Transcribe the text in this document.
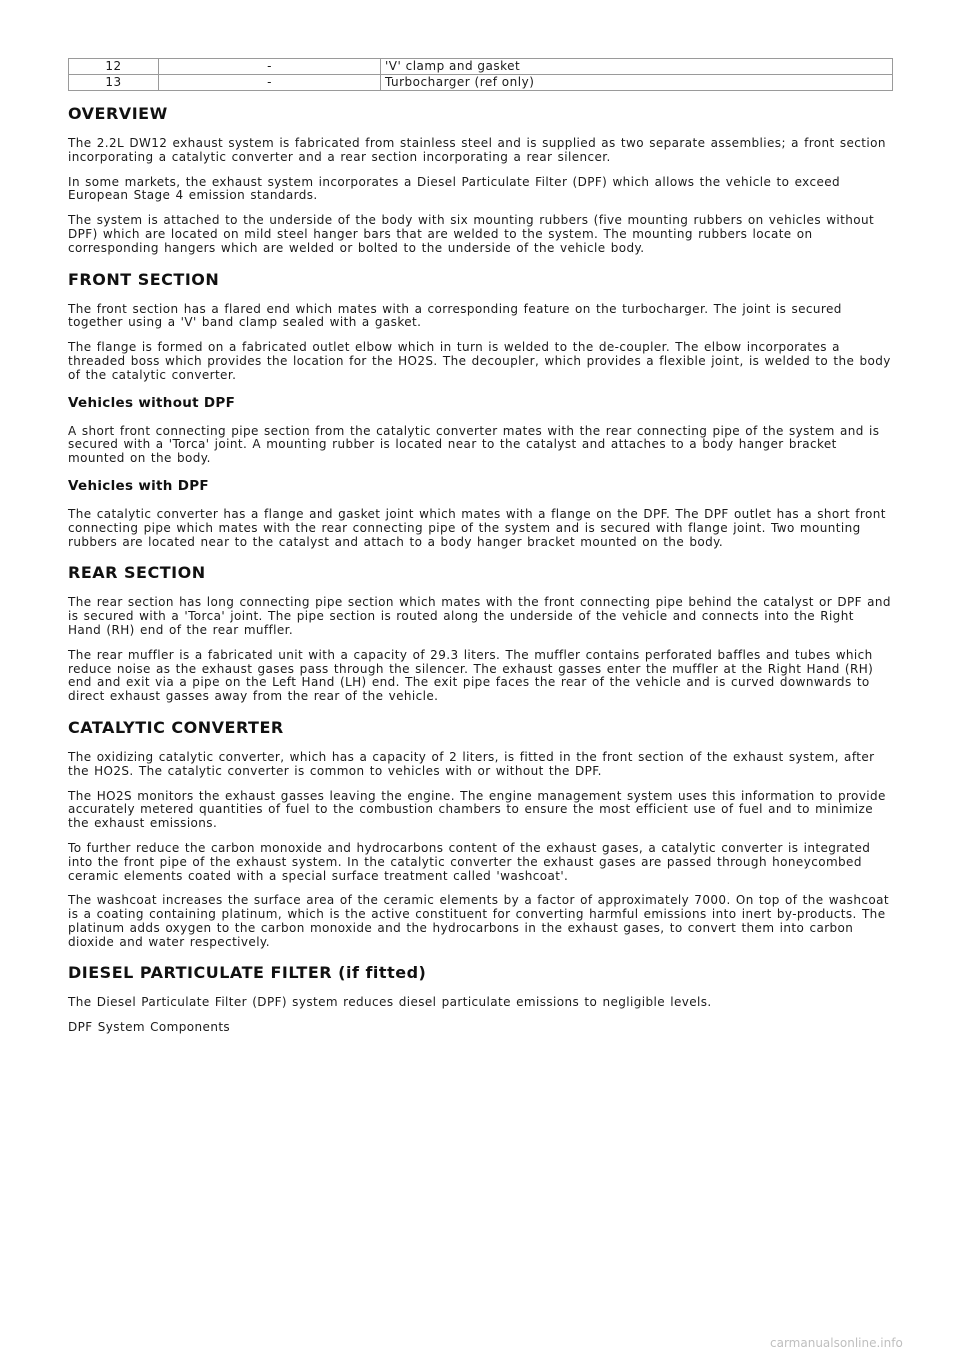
12	-	'V' clamp and gasket
13	-	Turbocharger (ref only)
OVERVIEW

The 2.2L DW12 exhaust system is fabricated from stainless steel and is supplied as two separate assemblies; a front section incorporating a catalytic converter and a rear section incorporating a rear silencer.

In some markets, the exhaust system incorporates a Diesel Particulate Filter (DPF) which allows the vehicle to exceed European Stage 4 emission standards.

The system is attached to the underside of the body with six mounting rubbers (five mounting rubbers on vehicles without DPF) which are located on mild steel hanger bars that are welded to the system. The mounting rubbers locate on corresponding hangers which are welded or bolted to the underside of the vehicle body.

FRONT SECTION

The front section has a flared end which mates with a corresponding feature on the turbocharger. The joint is secured together using a 'V' band clamp sealed with a gasket.

The flange is formed on a fabricated outlet elbow which in turn is welded to the de-coupler. The elbow incorporates a threaded boss which provides the location for the HO2S. The decoupler, which provides a flexible joint, is welded to the body of the catalytic converter.

Vehicles without DPF

A short front connecting pipe section from the catalytic converter mates with the rear connecting pipe of the system and is secured with a 'Torca' joint. A mounting rubber is located near to the catalyst and attaches to a body hanger bracket mounted on the body.

Vehicles with DPF

The catalytic converter has a flange and gasket joint which mates with a flange on the DPF. The DPF outlet has a short front connecting pipe which mates with the rear connecting pipe of the system and is secured with flange joint. Two mounting rubbers are located near to the catalyst and attach to a body hanger bracket mounted on the body.

REAR SECTION

The rear section has long connecting pipe section which mates with the front connecting pipe behind the catalyst or DPF and is secured with a 'Torca' joint. The pipe section is routed along the underside of the vehicle and connects into the Right Hand (RH) end of the rear muffler.

The rear muffler is a fabricated unit with a capacity of 29.3 liters. The muffler contains perforated baffles and tubes which reduce noise as the exhaust gases pass through the silencer. The exhaust gasses enter the muffler at the Right Hand (RH) end and exit via a pipe on the Left Hand (LH) end. The exit pipe faces the rear of the vehicle and is curved downwards to direct exhaust gasses away from the rear of the vehicle.

CATALYTIC CONVERTER

The oxidizing catalytic converter, which has a capacity of 2 liters, is fitted in the front section of the exhaust system, after the HO2S. The catalytic converter is common to vehicles with or without the DPF.

The HO2S monitors the exhaust gasses leaving the engine. The engine management system uses this information to provide accurately metered quantities of fuel to the combustion chambers to ensure the most efficient use of fuel and to minimize the exhaust emissions.

To further reduce the carbon monoxide and hydrocarbons content of the exhaust gases, a catalytic converter is integrated into the front pipe of the exhaust system. In the catalytic converter the exhaust gases are passed through honeycombed ceramic elements coated with a special surface treatment called 'washcoat'.

The washcoat increases the surface area of the ceramic elements by a factor of approximately 7000. On top of the washcoat is a coating containing platinum, which is the active constituent for converting harmful emissions into inert by-products. The platinum adds oxygen to the carbon monoxide and the hydrocarbons in the exhaust gases, to convert them into carbon dioxide and water respectively.

DIESEL PARTICULATE FILTER (if fitted)

The Diesel Particulate Filter (DPF) system reduces diesel particulate emissions to negligible levels.

DPF System Components

carmanualsonline.info
